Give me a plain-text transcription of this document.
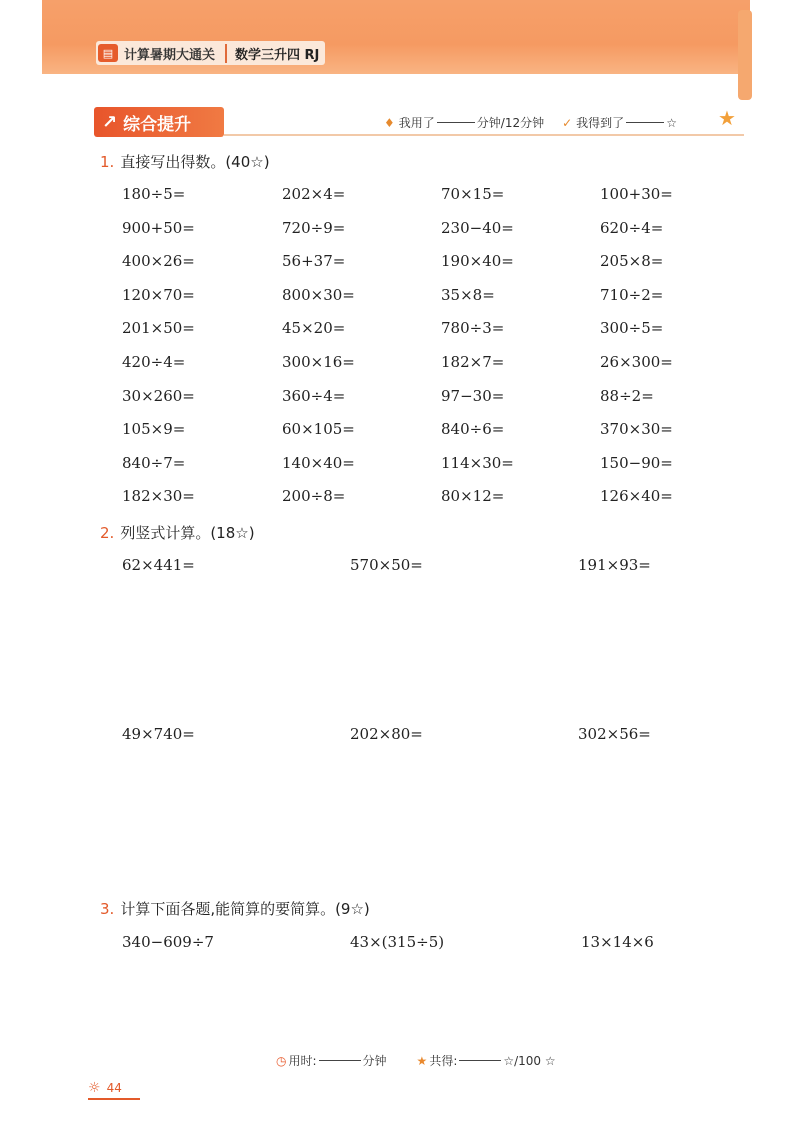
▤ 计算暑期大通关	数学三升四 RJ
↗ 综合提升	♦ 我用了	分钟/12分钟 ✓ 我得到了	☆ ★
1. 直接写出得数。(40☆)
180÷5=	202×4=	70×15=	100+30=
900+50=	720÷9=	230−40=	620÷4=
400×26=	56+37=	190×40=	205×8=
120×70=	800×30=	35×8=	710÷2=
201×50=	45×20=	780÷3=	300÷5=
420÷4=	300×16=	182×7=	26×300=
30×260=	360÷4=	97−30=	88÷2=
105×9=	60×105=	840÷6=	370×30=
840÷7=	140×40=	114×30=	150−90=
182×30=	200÷8=	80×12=	126×40=
2. 列竖式计算。(18☆)
62×441=	570×50=	191×93=
49×740=	202×80=	302×56=
3. 计算下面各题,能简算的要简算。(9☆)
340−609÷7	43×(315÷5)	13×14×6
◷ 用时:	分钟	★ 共得:	☆/100 ☆
☼ 44
